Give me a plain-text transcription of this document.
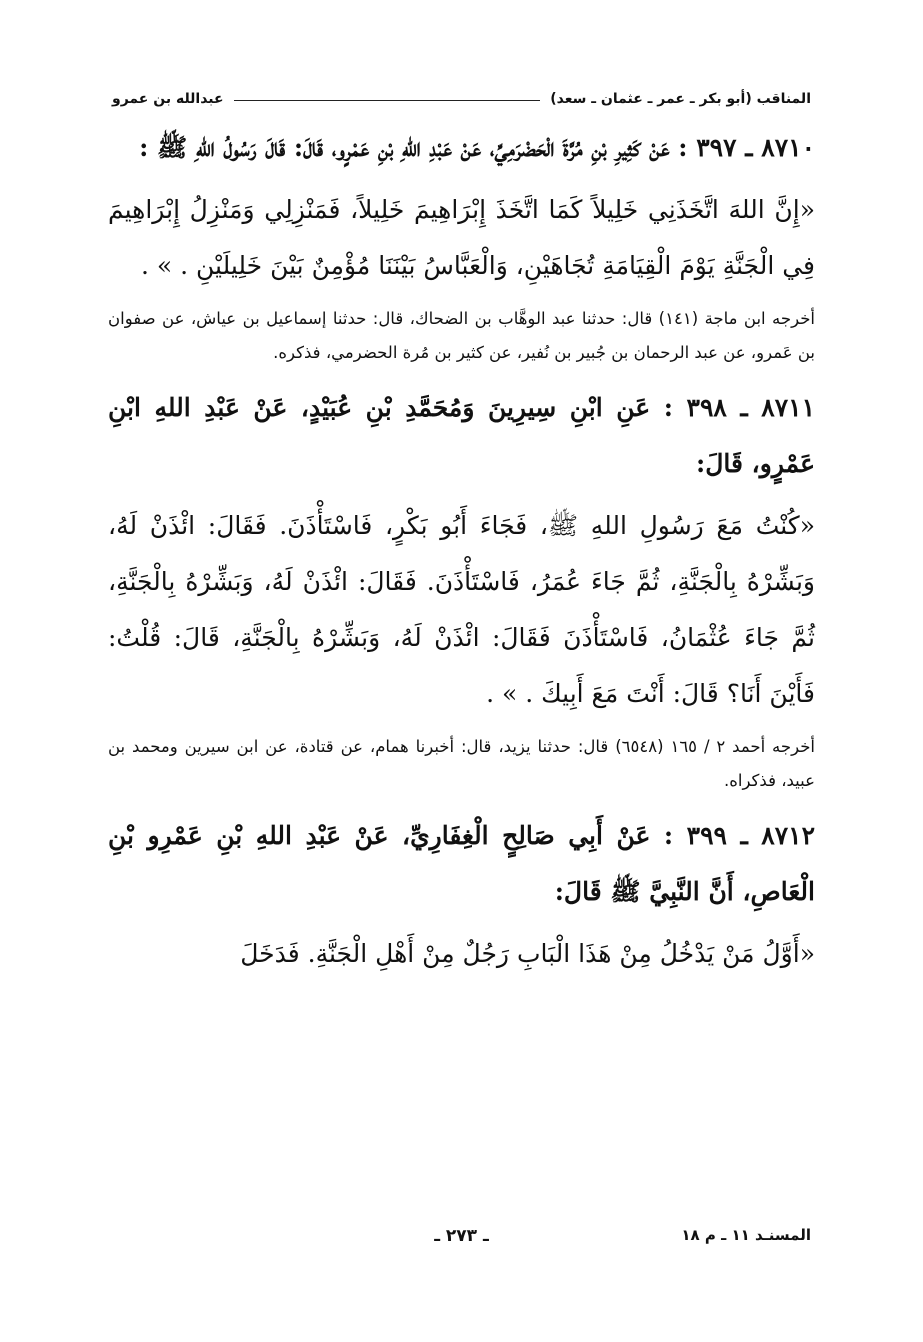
المناقب (أبو بكر ـ عمر ـ عثمان ـ سعد)
عبدالله بن عمرو

٨٧١٠ ـ ٣٩٧ : عَنْ كَثِيرِ بْنِ مُرَّةَ الْحَضْرَمِيِّ، عَنْ عَبْدِ اللهِ بْنِ عَمْرٍو، قَالَ: قَالَ رَسُولُ اللهِ ﷺ :

«إِنَّ اللهَ اتَّخَذَنِي خَلِيلاً كَمَا اتَّخَذَ إِبْرَاهِيمَ خَلِيلاً، فَمَنْزِلِي وَمَنْزِلُ إِبْرَاهِيمَ فِي الْجَنَّةِ يَوْمَ الْقِيَامَةِ تُجَاهَيْنِ، وَالْعَبَّاسُ بَيْنَنَا مُؤْمِنٌ بَيْنَ خَلِيلَيْنِ . » .

أخرجه ابن ماجة (١٤١) قال: حدثنا عبد الوهَّاب بن الضحاك، قال: حدثنا إسماعيل بن عياش، عن صفوان بن عَمرو، عن عبد الرحمان بن جُبير بن نُفير، عن كثير بن مُرة الحضرمي، فذكره.

٨٧١١ ـ ٣٩٨ : عَنِ ابْنِ سِيرِينَ وَمُحَمَّدِ بْنِ عُبَيْدٍ، عَنْ عَبْدِ اللهِ ابْنِ عَمْرٍو، قَالَ:

«كُنْتُ مَعَ رَسُولِ اللهِ ﷺ، فَجَاءَ أَبُو بَكْرٍ، فَاسْتَأْذَنَ. فَقَالَ: ائْذَنْ لَهُ، وَبَشِّرْهُ بِالْجَنَّةِ، ثُمَّ جَاءَ عُمَرُ، فَاسْتَأْذَنَ. فَقَالَ: ائْذَنْ لَهُ، وَبَشِّرْهُ بِالْجَنَّةِ، ثُمَّ جَاءَ عُثْمَانُ، فَاسْتَأْذَنَ فَقَالَ: ائْذَنْ لَهُ، وَبَشِّرْهُ بِالْجَنَّةِ، قَالَ: قُلْتُ: فَأَيْنَ أَنَا؟ قَالَ: أَنْتَ مَعَ أَبِيكَ . » .

أخرجه أحمد ٢ / ١٦٥ (٦٥٤٨) قال: حدثنا يزيد، قال: أخبرنا همام، عن قتادة، عن ابن سيرين ومحمد بن عبيد، فذكراه.

٨٧١٢ ـ ٣٩٩ : عَنْ أَبِي صَالِحٍ الْغِفَارِيِّ، عَنْ عَبْدِ اللهِ بْنِ عَمْرِو بْنِ الْعَاصِ، أَنَّ النَّبِيَّ ﷺ قَالَ:

«أَوَّلُ مَنْ يَدْخُلُ مِنْ هَذَا الْبَابِ رَجُلٌ مِنْ أَهْلِ الْجَنَّةِ. فَدَخَلَ

المسنـد ١١ ـ م ١٨
ـ ٢٧٣ ـ
